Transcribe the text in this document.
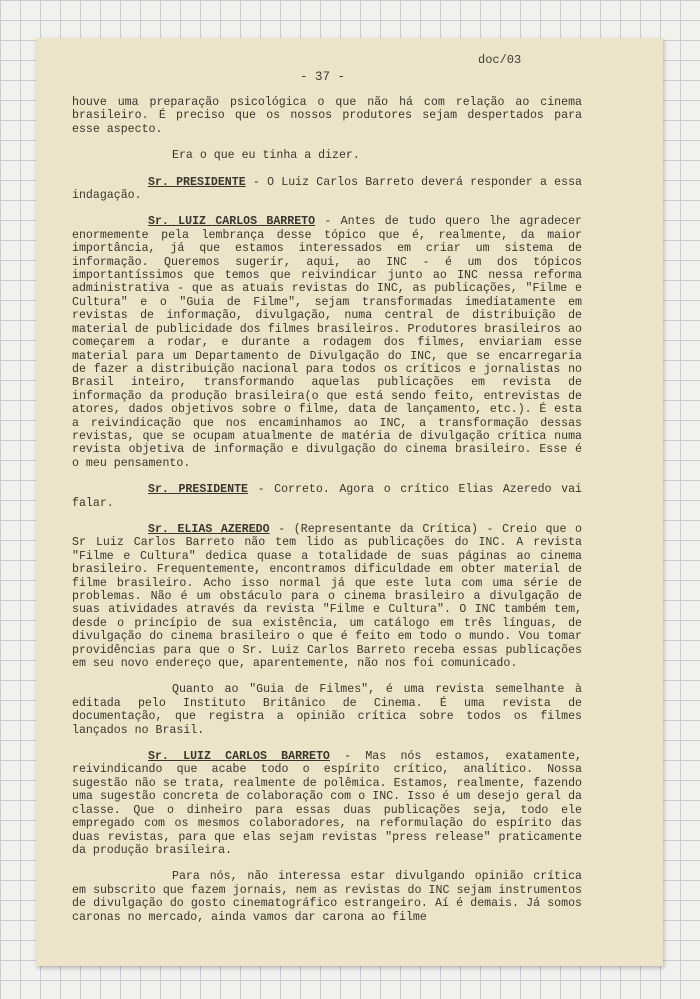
doc/03
- 37 -

houve uma preparação psicológica o que não há com relação ao cinema brasileiro. É preciso que os nossos produtores sejam despertados para esse aspecto.

Era o que eu tinha a dizer.

Sr. PRESIDENTE - O Luiz Carlos Barreto deverá responder a essa indagação.

Sr. LUIZ CARLOS BARRETO - Antes de tudo quero lhe agradecer enormemente pela lembrança desse tópico que é, realmente, da maior importância, já que estamos interessados em criar um sistema de informação. Queremos sugerir, aqui, ao INC - é um dos tópicos importantíssimos que temos que reivindicar junto ao INC nessa reforma administrativa - que as atuais revistas do INC, as publicações, "Filme e Cultura" e o "Guia de Filme", sejam transformadas imediatamente em revistas de informação, divulgação, numa central de distribuição de material de publicidade dos filmes brasileiros. Produtores brasileiros ao começarem a rodar, e durante a rodagem dos filmes, enviariam esse material para um Departamento de Divulgação do INC, que se encarregaria de fazer a distribuição nacional para todos os críticos e jornalistas no Brasil inteiro, transformando aquelas publicações em revista de informação da produção brasileira(o que está sendo feito, entrevistas de atores, dados objetivos sobre o filme, data de lançamento, etc.). É esta a reivindicação que nos encaminhamos ao INC, a transformação dessas revistas, que se ocupam atualmente de matéria de divulgação crítica numa revista objetiva de informação e divulgação do cinema brasileiro. Esse é o meu pensamento.

Sr. PRESIDENTE - Correto. Agora o crítico Elias Azeredo vai falar.

Sr. ELIAS AZEREDO - (Representante da Crítica) - Creio que o Sr Luiz Carlos Barreto não tem lido as publicações do INC. A revista "Filme e Cultura" dedica quase a totalidade de suas páginas ao cinema brasileiro. Frequentemente, encontramos dificuldade em obter material de filme brasileiro. Acho isso normal já que este luta com uma série de problemas. Não é um obstáculo para o cinema brasileiro a divulgação de suas atividades através da revista "Filme e Cultura". O INC também tem, desde o princípio de sua existência, um catálogo em três línguas, de divulgação do cinema brasileiro o que é feito em todo o mundo. Vou tomar providências para que o Sr. Luiz Carlos Barreto receba essas publicações em seu novo endereço que, aparentemente, não nos foi comunicado.

Quanto ao "Guia de Filmes", é uma revista semelhante à editada pelo Instituto Britânico de Cinema. É uma revista de documentação, que registra a opinião crítica sobre todos os filmes lançados no Brasil.

Sr. LUIZ CARLOS BARRETO - Mas nós estamos, exatamente, reivindicando que acabe todo o espírito crítico, analítico. Nossa sugestão não se trata, realmente de polêmica. Estamos, realmente, fazendo uma sugestão concreta de colaboração com o INC. Isso é um desejo geral da classe. Que o dinheiro para essas duas publicações seja, todo ele empregado com os mesmos colaboradores, na reformulação do espírito das duas revistas, para que elas sejam revistas "press release" praticamente da produção brasileira.

Para nós, não interessa estar divulgando opinião crítica em subscrito que fazem jornais, nem as revistas do INC sejam instrumentos de divulgação do gosto cinematográfico estrangeiro. Aí é demais. Já somos caronas no mercado, ainda vamos dar carona ao filme
